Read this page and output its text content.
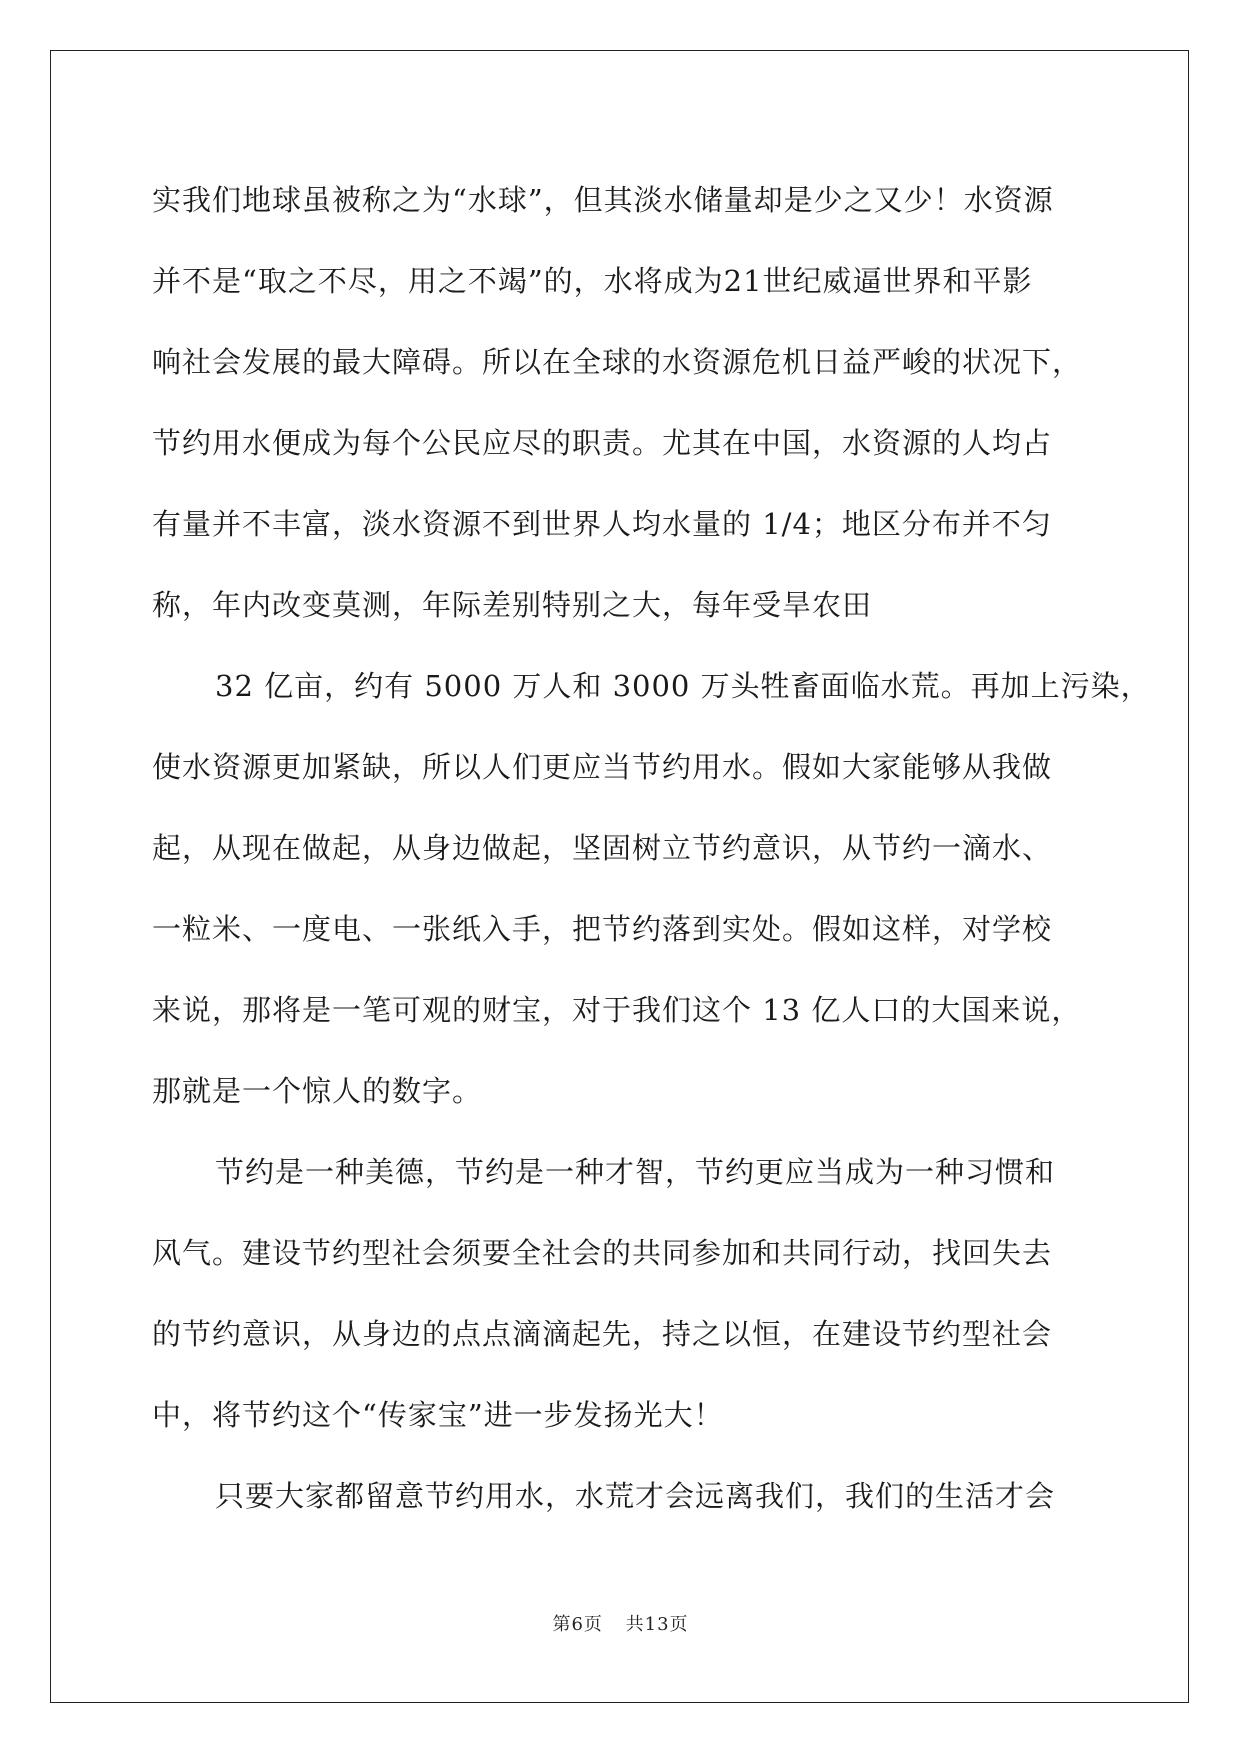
实我们地球虽被称之为“水球”，但其淡水储量却是少之又少！水资源
并不是“取之不尽，用之不竭”的，水将成为21世纪威逼世界和平影
响社会发展的最大障碍。所以在全球的水资源危机日益严峻的状况下，
节约用水便成为每个公民应尽的职责。尤其在中国，水资源的人均占
有量并不丰富，淡水资源不到世界人均水量的 1/4；地区分布并不匀
称，年内改变莫测，年际差别特别之大，每年受旱农田
32 亿亩，约有 5000 万人和 3000 万头牲畜面临水荒。再加上污染，
使水资源更加紧缺，所以人们更应当节约用水。假如大家能够从我做
起，从现在做起，从身边做起，坚固树立节约意识，从节约一滴水、
一粒米、一度电、一张纸入手，把节约落到实处。假如这样，对学校
来说，那将是一笔可观的财宝，对于我们这个 13 亿人口的大国来说，
那就是一个惊人的数字。
节约是一种美德，节约是一种才智，节约更应当成为一种习惯和
风气。建设节约型社会须要全社会的共同参加和共同行动，找回失去
的节约意识，从身边的点点滴滴起先，持之以恒，在建设节约型社会
中，将节约这个“传家宝”进一步发扬光大！
只要大家都留意节约用水，水荒才会远离我们，我们的生活才会
第6页 共13页
